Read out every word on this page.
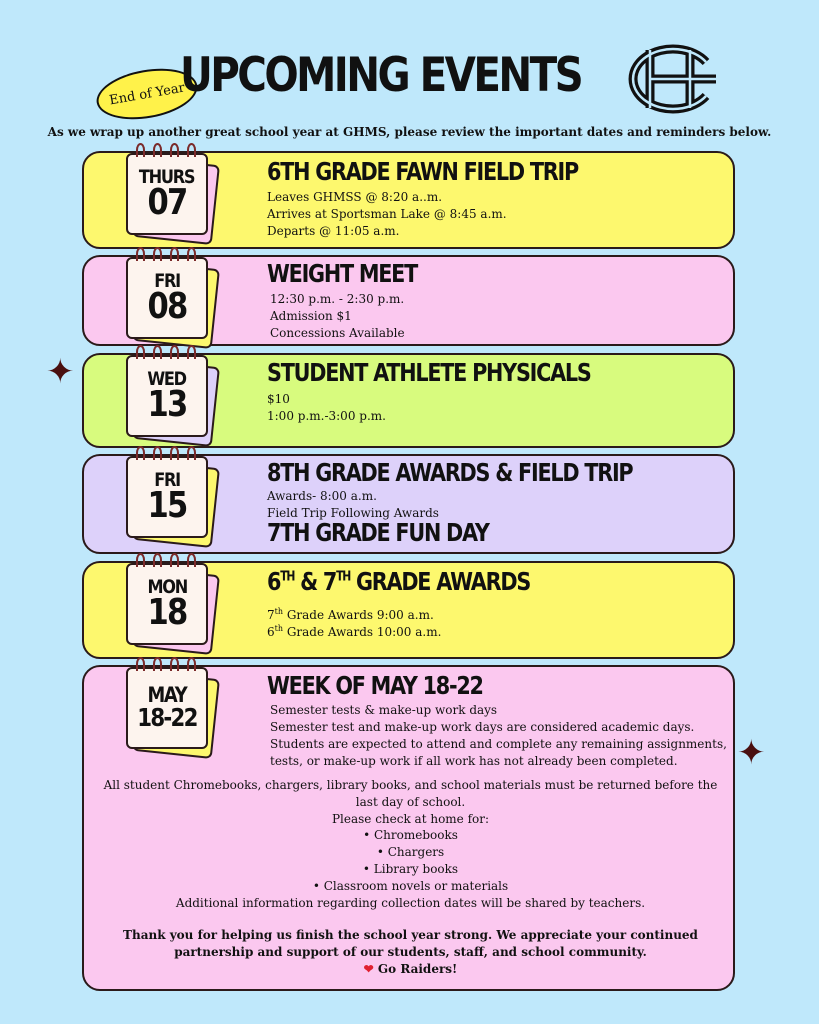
End of Year
UPCOMING EVENTS
As we wrap up another great school year at GHMS, please review the important dates and reminders below.
✦
✦
THURS
07
6TH GRADE FAWN FIELD TRIP
Leaves GHMSS @ 8:20 a..m.
Arrives at Sportsman Lake @ 8:45 a.m.
Departs @ 11:05 a.m.
FRI
08
WEIGHT MEET
12:30 p.m. - 2:30 p.m.
Admission $1
Concessions Available
WED
13
STUDENT ATHLETE PHYSICALS
$10
1:00 p.m.-3:00 p.m.
FRI
15
8TH GRADE AWARDS & FIELD TRIP
Awards- 8:00 a.m.
Field Trip Following Awards
7TH GRADE FUN DAY
MON
18
6TH & 7TH GRADE AWARDS
7th Grade Awards 9:00 a.m.
6th Grade Awards 10:00 a.m.
MAY
18-22
WEEK OF MAY 18-22
Semester tests & make-up work days
Semester test and make-up work days are considered academic days.
Students are expected to attend and complete any remaining assignments,
tests, or make-up work if all work has not already been completed.
All student Chromebooks, chargers, library books, and school materials must be returned before the
last day of school.
Please check at home for:
• Chromebooks
• Chargers
• Library books
• Classroom novels or materials
Additional information regarding collection dates will be shared by teachers.
Thank you for helping us finish the school year strong. We appreciate your continued
partnership and support of our students, staff, and school community.
❤ Go Raiders!
